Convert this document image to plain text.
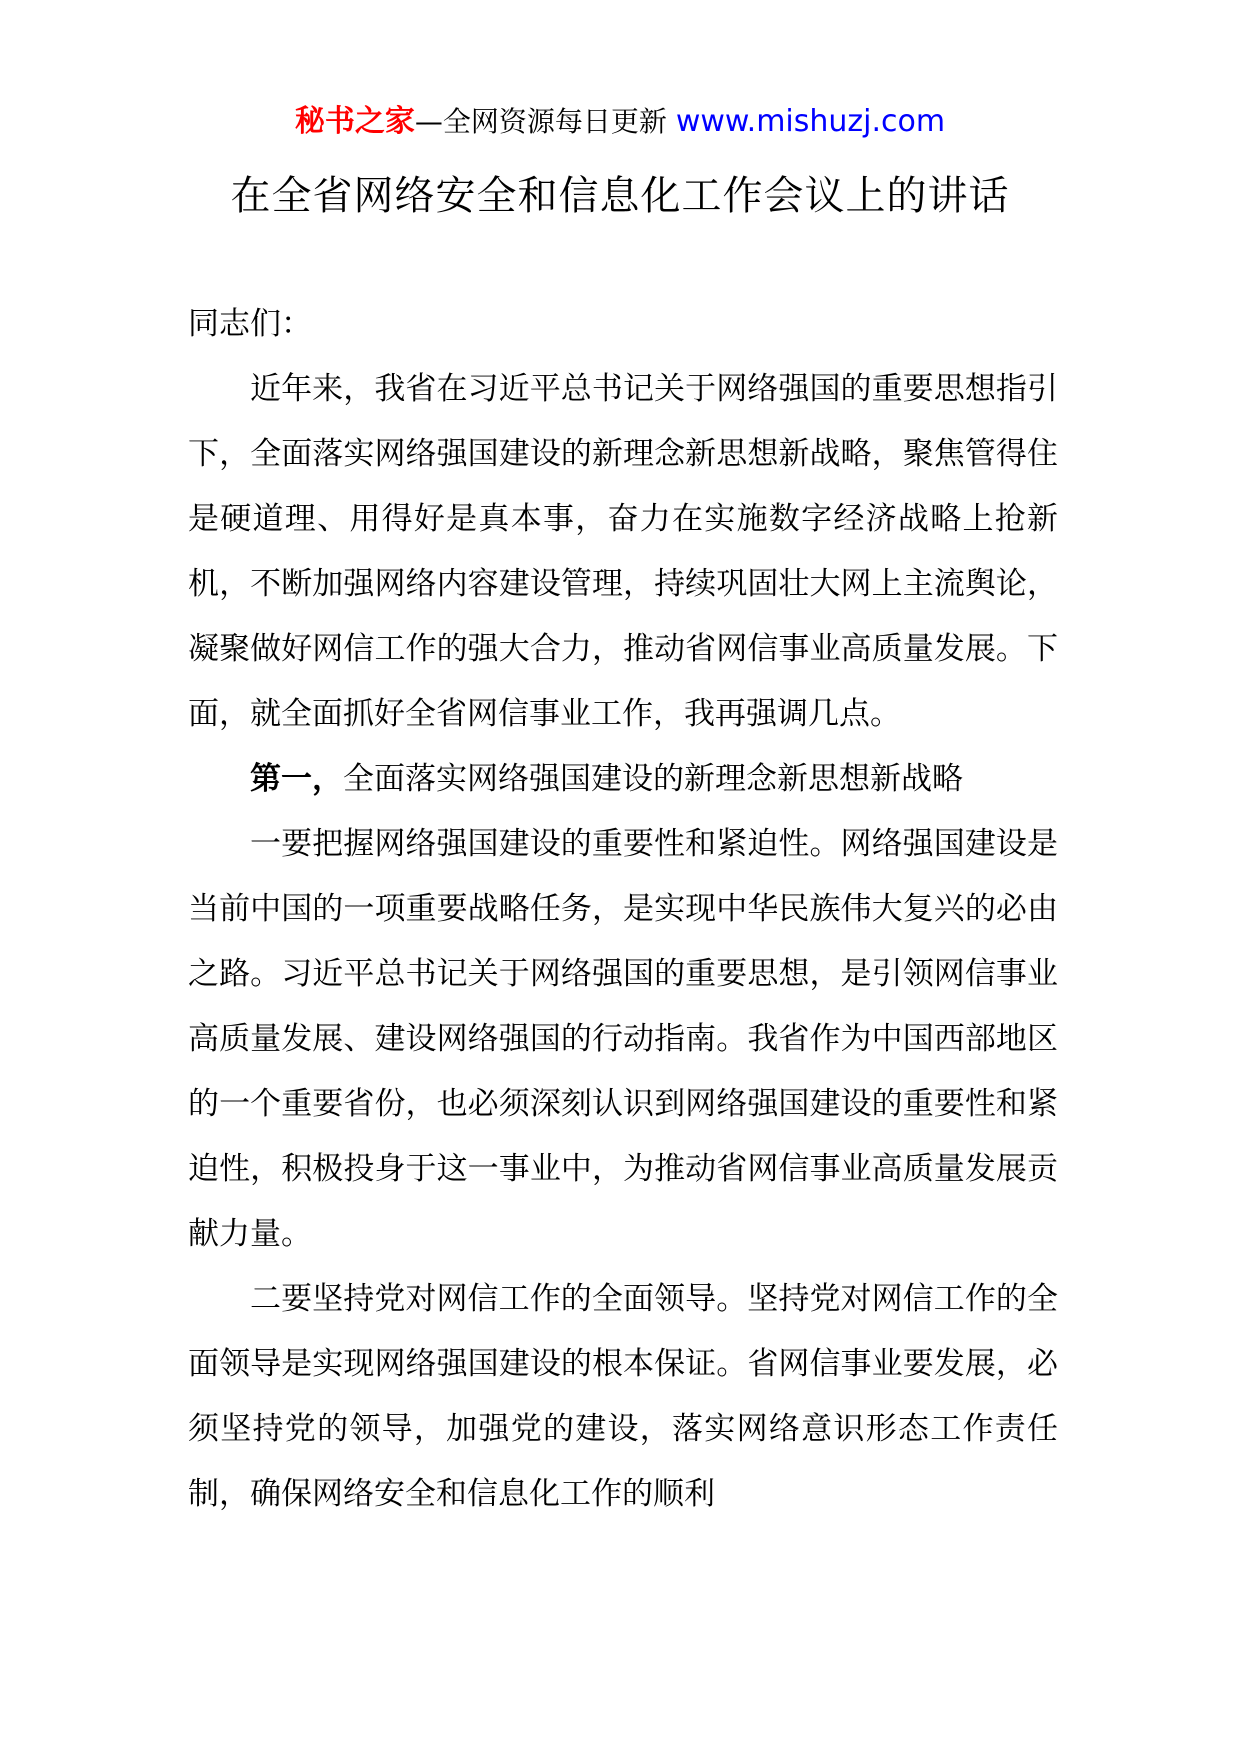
秘书之家—全网资源每日更新 www.mishuzj.com
在全省网络安全和信息化工作会议上的讲话

同志们：

近年来，我省在习近平总书记关于网络强国的重要思想指引下，全面落实网络强国建设的新理念新思想新战略，聚焦管得住是硬道理、用得好是真本事，奋力在实施数字经济战略上抢新机，不断加强网络内容建设管理，持续巩固壮大网上主流舆论，凝聚做好网信工作的强大合力，推动省网信事业高质量发展。下面，就全面抓好全省网信事业工作，我再强调几点。

第一，全面落实网络强国建设的新理念新思想新战略

一要把握网络强国建设的重要性和紧迫性。网络强国建设是当前中国的一项重要战略任务，是实现中华民族伟大复兴的必由之路。习近平总书记关于网络强国的重要思想，是引领网信事业高质量发展、建设网络强国的行动指南。我省作为中国西部地区的一个重要省份，也必须深刻认识到网络强国建设的重要性和紧迫性，积极投身于这一事业中，为推动省网信事业高质量发展贡献力量。

二要坚持党对网信工作的全面领导。坚持党对网信工作的全面领导是实现网络强国建设的根本保证。省网信事业要发展，必须坚持党的领导，加强党的建设，落实网络意识形态工作责任制，确保网络安全和信息化工作的顺利
